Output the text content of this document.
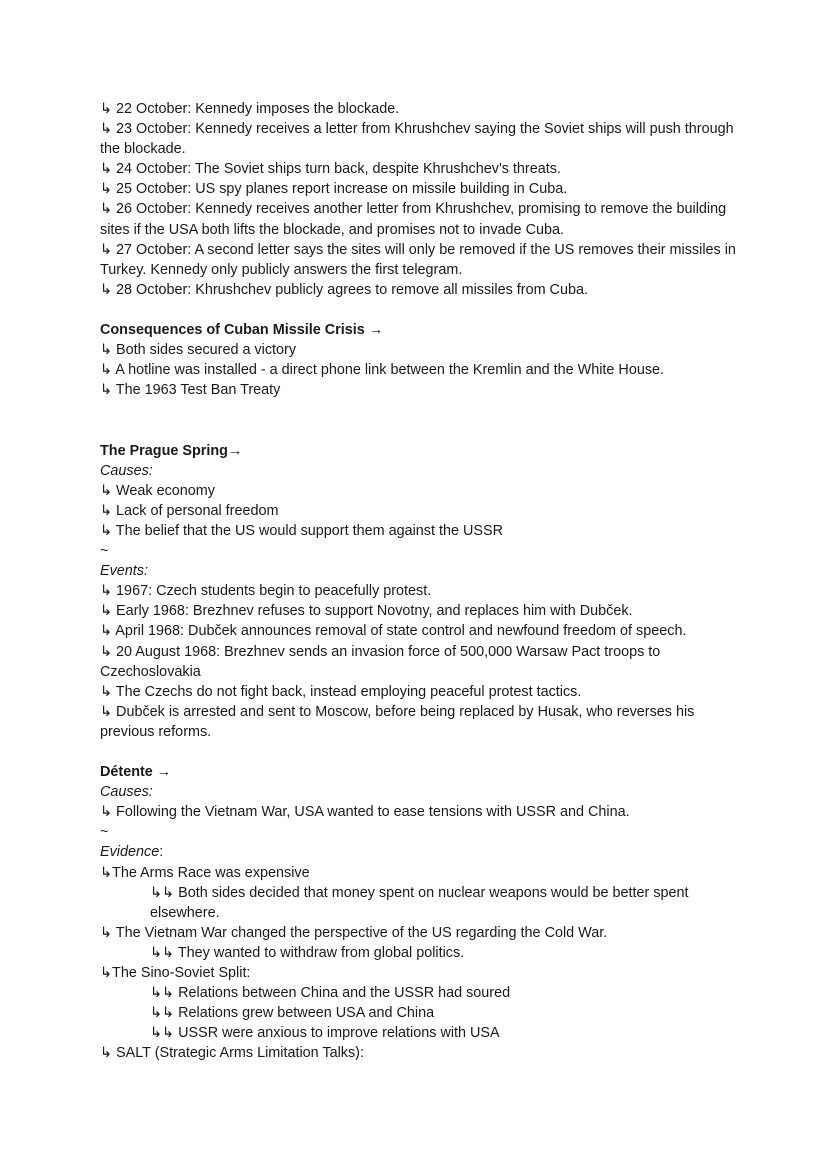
↳ 22 October: Kennedy imposes the blockade.
↳ 23 October: Kennedy receives a letter from Khrushchev saying the Soviet ships will push through the blockade.
↳ 24 October: The Soviet ships turn back, despite Khrushchev's threats.
↳ 25 October: US spy planes report increase on missile building in Cuba.
↳ 26 October: Kennedy receives another letter from Khrushchev, promising to remove the building sites if the USA both lifts the blockade, and promises not to invade Cuba.
↳ 27 October: A second letter says the sites will only be removed if the US removes their missiles in Turkey. Kennedy only publicly answers the first telegram.
↳ 28 October: Khrushchev publicly agrees to remove all missiles from Cuba.
Consequences of Cuban Missile Crisis →
↳ Both sides secured a victory
↳ A hotline was installed - a direct phone link between the Kremlin and the White House.
↳ The 1963 Test Ban Treaty
The Prague Spring→
Causes:
↳ Weak economy
↳ Lack of personal freedom
↳ The belief that the US would support them against the USSR
~
Events:
↳ 1967: Czech students begin to peacefully protest.
↳ Early 1968: Brezhnev refuses to support Novotny, and replaces him with Dubček.
↳ April 1968: Dubček announces removal of state control and newfound freedom of speech.
↳ 20 August 1968: Brezhnev sends an invasion force of 500,000 Warsaw Pact troops to Czechoslovakia
↳ The Czechs do not fight back, instead employing peaceful protest tactics.
↳ Dubček is arrested and sent to Moscow, before being replaced by Husak, who reverses his previous reforms.
Détente →
Causes:
↳ Following the Vietnam War, USA wanted to ease tensions with USSR and China.
~
Evidence:
↳The Arms Race was expensive
↳↳ Both sides decided that money spent on nuclear weapons would be better spent elsewhere.
↳ The Vietnam War changed the perspective of the US regarding the Cold War.
↳↳ They wanted to withdraw from global politics.
↳The Sino-Soviet Split:
↳↳ Relations between China and the USSR had soured
↳↳ Relations grew between USA and China
↳↳ USSR were anxious to improve relations with USA
↳ SALT (Strategic Arms Limitation Talks):
